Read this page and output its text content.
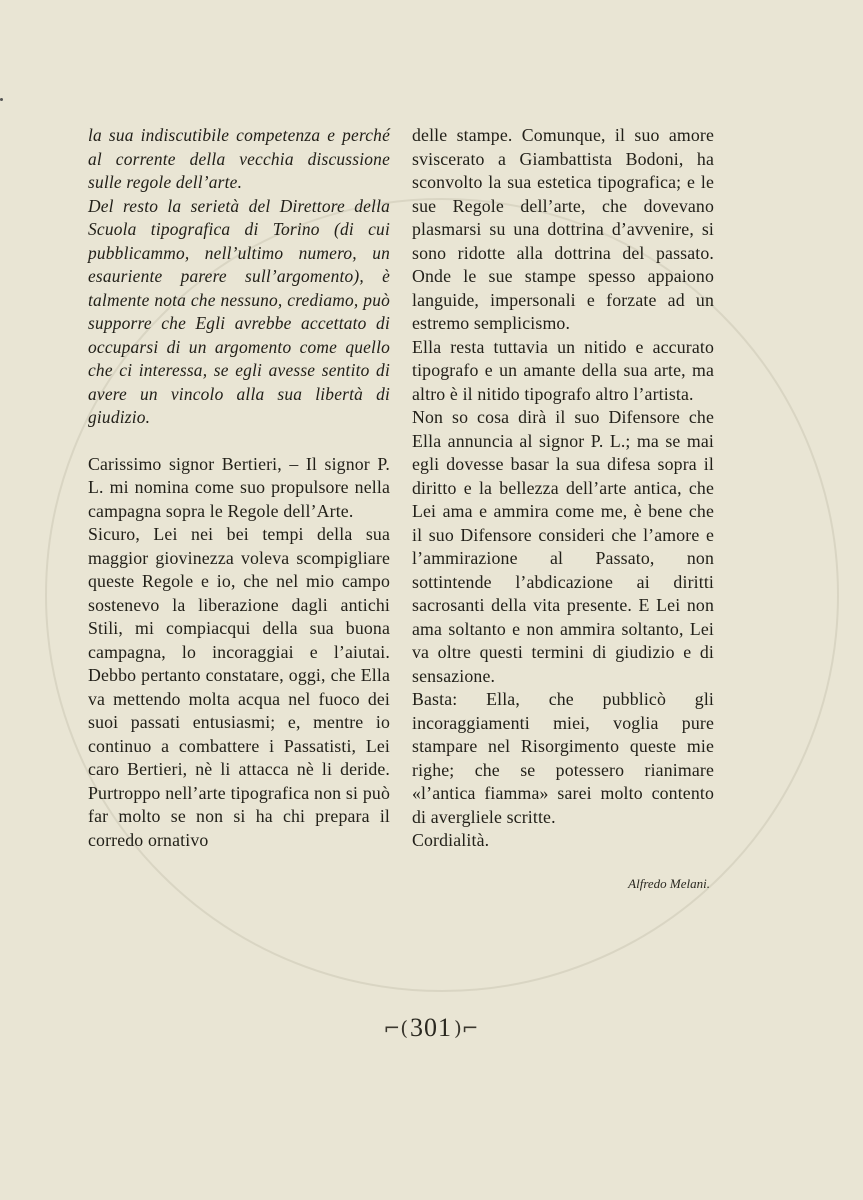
la sua indiscutibile competenza e perché al corrente della vecchia discussione sulle regole dell’arte.

Del resto la serietà del Direttore della Scuola tipografica di Torino (di cui pubblicammo, nell’ultimo numero, un esauriente parere sull’argomento), è talmente nota che nessuno, crediamo, può supporre che Egli avrebbe accettato di occuparsi di un argomento come quello che ci interessa, se egli avesse sentito di avere un vincolo alla sua libertà di giudizio.

Carissimo signor Bertieri, – Il signor P. L. mi nomina come suo propulsore nella campagna sopra le Regole dell’Arte.

Sicuro, Lei nei bei tempi della sua maggior giovinezza voleva scompigliare queste Regole e io, che nel mio campo sostenevo la liberazione dagli antichi Stili, mi compiacqui della sua buona campagna, lo incoraggiai e l’aiutai. Debbo pertanto constatare, oggi, che Ella va mettendo molta acqua nel fuoco dei suoi passati entusiasmi; e, mentre io continuo a combattere i Passatisti, Lei caro Bertieri, nè li attacca nè li deride. Purtroppo nell’arte tipografica non si può far molto se non si ha chi prepara il corredo ornativo

delle stampe. Comunque, il suo amore sviscerato a Giambattista Bodoni, ha sconvolto la sua estetica tipografica; e le sue Regole dell’arte, che dovevano plasmarsi su una dottrina d’avvenire, si sono ridotte alla dottrina del passato. Onde le sue stampe spesso appaiono languide, impersonali e forzate ad un estremo semplicismo.

Ella resta tuttavia un nitido e accurato tipografo e un amante della sua arte, ma altro è il nitido tipografo altro l’artista.

Non so cosa dirà il suo Difensore che Ella annuncia al signor P. L.; ma se mai egli dovesse basar la sua difesa sopra il diritto e la bellezza dell’arte antica, che Lei ama e ammira come me, è bene che il suo Difensore consideri che l’amore e l’ammirazione al Passato, non sottintende l’abdicazione ai diritti sacrosanti della vita presente. E Lei non ama soltanto e non ammira soltanto, Lei va oltre questi termini di giudizio e di sensazione.

Basta: Ella, che pubblicò gli incoraggiamenti miei, voglia pure stampare nel Risorgimento queste mie righe; che se potessero rianimare «l’antica fiamma» sarei molto contento di avergliele scritte.

Cordialità.

Alfredo Melani.
⌐( 301 )⌐
